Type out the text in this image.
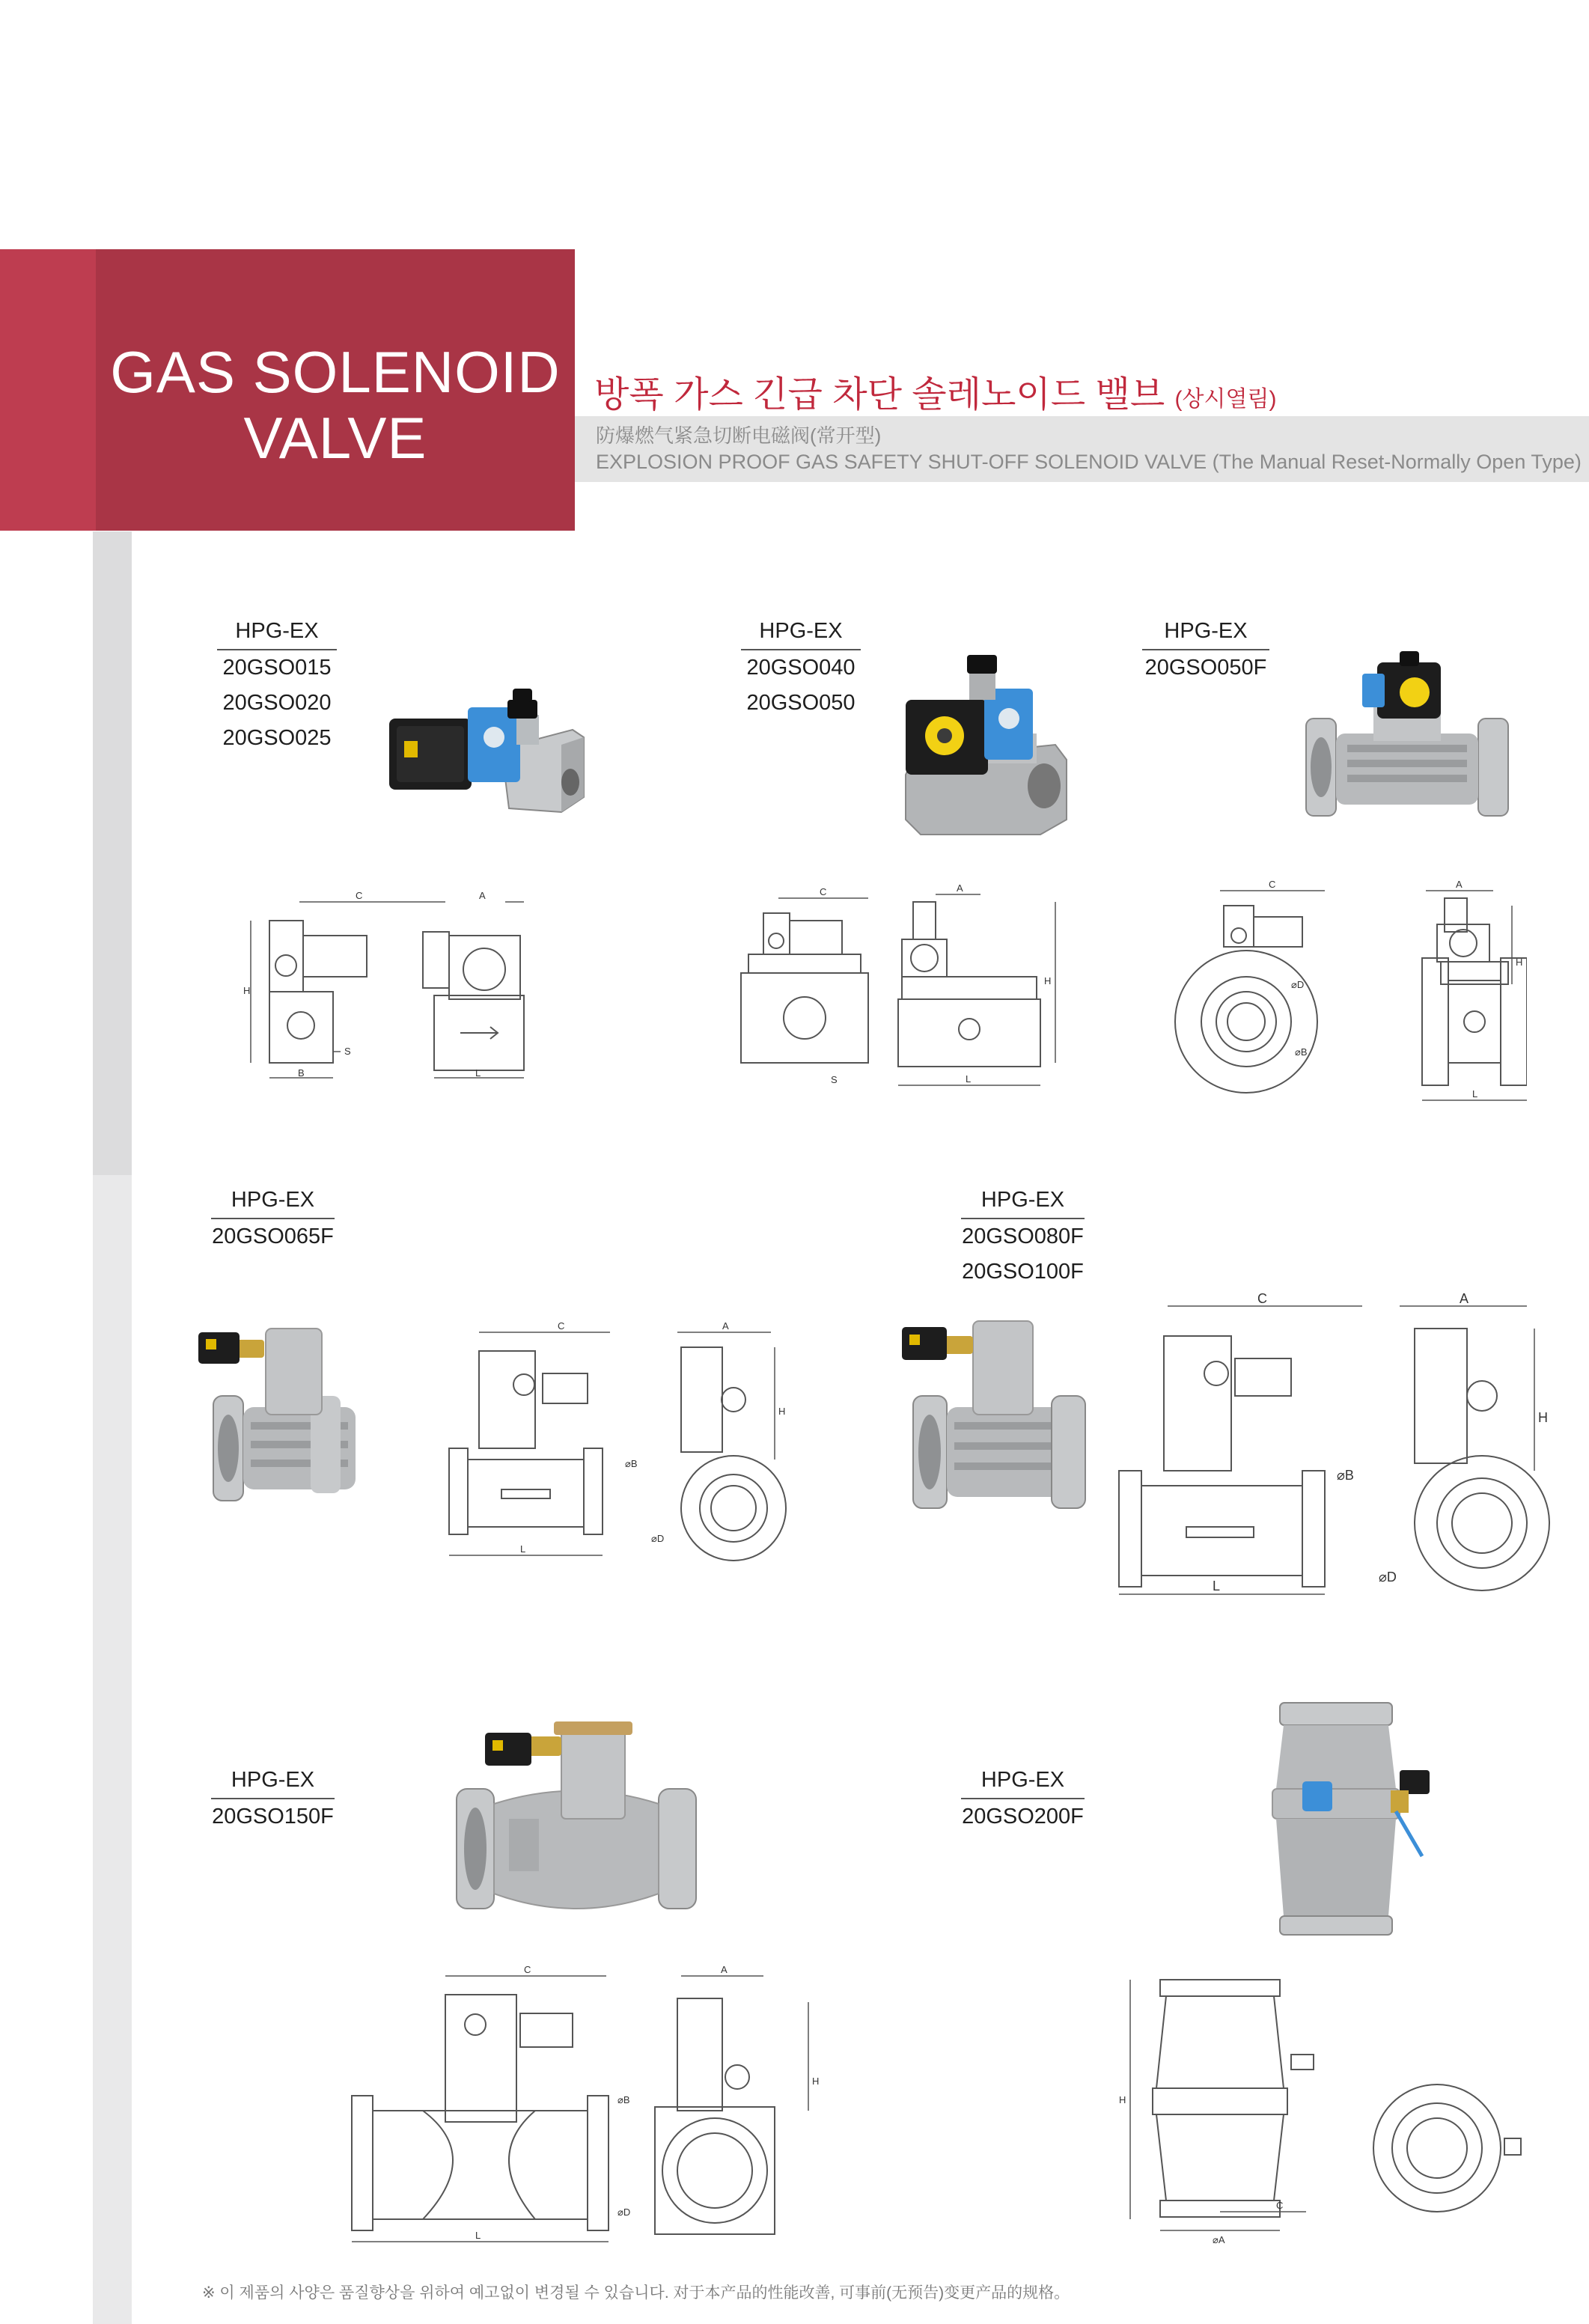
GAS SOLENOID
VALVE
방폭 가스 긴급 차단 솔레노이드 밸브 (상시열림)
防爆燃气紧急切断电磁阀(常开型)
EXPLOSION PROOF GAS SAFETY SHUT-OFF SOLENOID VALVE (The Manual Reset-Normally Open Type)
HPG-EX
20GSO015
20GSO020
20GSO025
HPG-EX
20GSO040
20GSO050
HPG-EX
20GSO050F
HPG-EX
20GSO065F
HPG-EX
20GSO080F
20GSO100F
HPG-EX
20GSO150F
HPG-EX
20GSO200F
C	A
H
B
S
L
C	A
H
S	L
C	A
H
⌀D
⌀B
L
C	A
H
⌀B
⌀D
L
C	A
H
⌀B
⌀D
L
C	A
H
⌀B
⌀D
L
H
⌀A
C
※ 이 제품의 사양은 품질향상을 위하여 예고없이 변경될 수 있습니다. 对于本产品的性能改善, 可事前(无预告)变更产品的规格。
